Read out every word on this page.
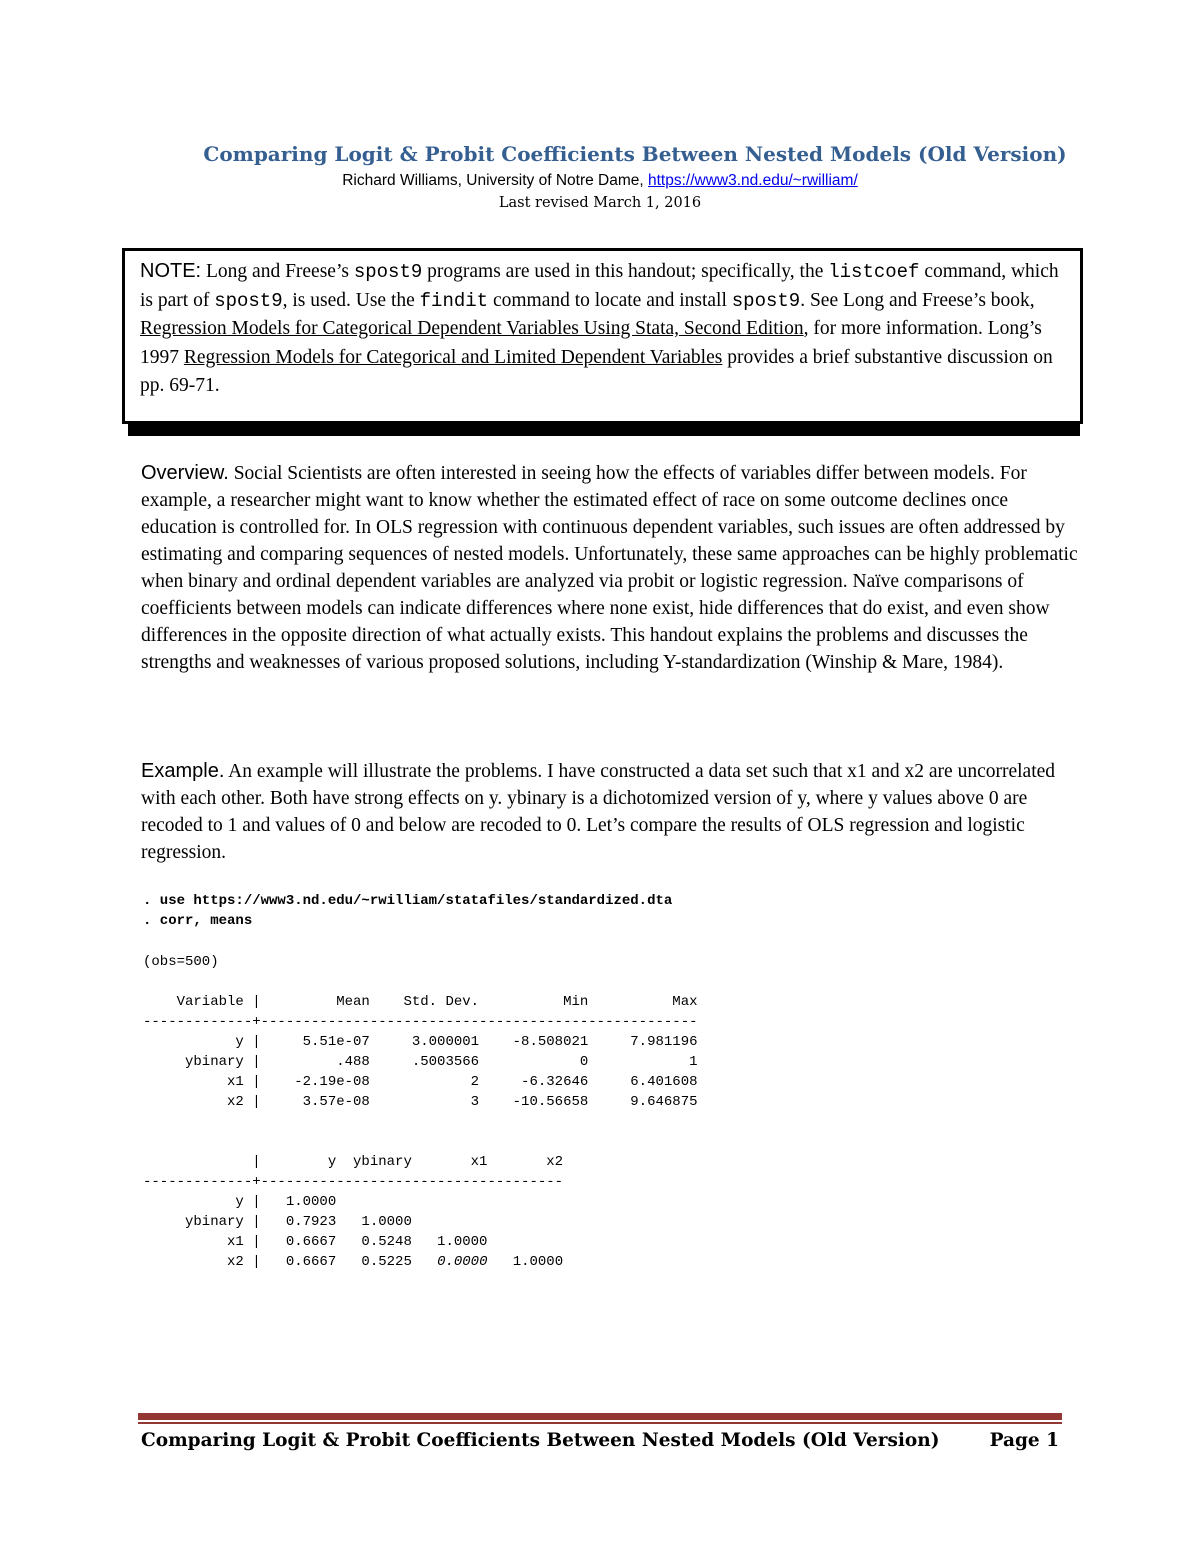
Comparing Logit & Probit Coefficients Between Nested Models (Old Version)
Richard Williams, University of Notre Dame, https://www3.nd.edu/~rwilliam/
Last revised March 1, 2016
NOTE: Long and Freese’s spost9 programs are used in this handout; specifically, the listcoef command, which is part of spost9, is used. Use the findit command to locate and install spost9. See Long and Freese’s book, Regression Models for Categorical Dependent Variables Using Stata, Second Edition, for more information. Long’s 1997 Regression Models for Categorical and Limited Dependent Variables provides a brief substantive discussion on pp. 69-71.
Overview. Social Scientists are often interested in seeing how the effects of variables differ between models. For example, a researcher might want to know whether the estimated effect of race on some outcome declines once education is controlled for. In OLS regression with continuous dependent variables, such issues are often addressed by estimating and comparing sequences of nested models. Unfortunately, these same approaches can be highly problematic when binary and ordinal dependent variables are analyzed via probit or logistic regression. Naïve comparisons of coefficients between models can indicate differences where none exist, hide differences that do exist, and even show differences in the opposite direction of what actually exists. This handout explains the problems and discusses the strengths and weaknesses of various proposed solutions, including Y-standardization (Winship & Mare, 1984).
Example. An example will illustrate the problems. I have constructed a data set such that x1 and x2 are uncorrelated with each other. Both have strong effects on y. ybinary is a dichotomized version of y, where y values above 0 are recoded to 1 and values of 0 and below are recoded to 0. Let’s compare the results of OLS regression and logistic regression.
. use https://www3.nd.edu/~rwilliam/statafiles/standardized.dta
. corr, means
(obs=500)
Variable |         Mean    Std. Dev.          Min          Max
-------------+----------------------------------------------------
y |     5.51e-07     3.000001    -8.508021     7.981196
ybinary |         .488     .5003566            0            1
x1 |    -2.19e-08            2     -6.32646     6.401608
x2 |     3.57e-08            3    -10.56658     9.646875
|        y  ybinary       x1       x2
-------------+------------------------------------
y |   1.0000
ybinary |   0.7923   1.0000
x1 |   0.6667   0.5248   1.0000
x2 |   0.6667   0.5225   0.0000   1.0000
Comparing Logit & Probit Coefficients Between Nested Models (Old Version)	Page 1
